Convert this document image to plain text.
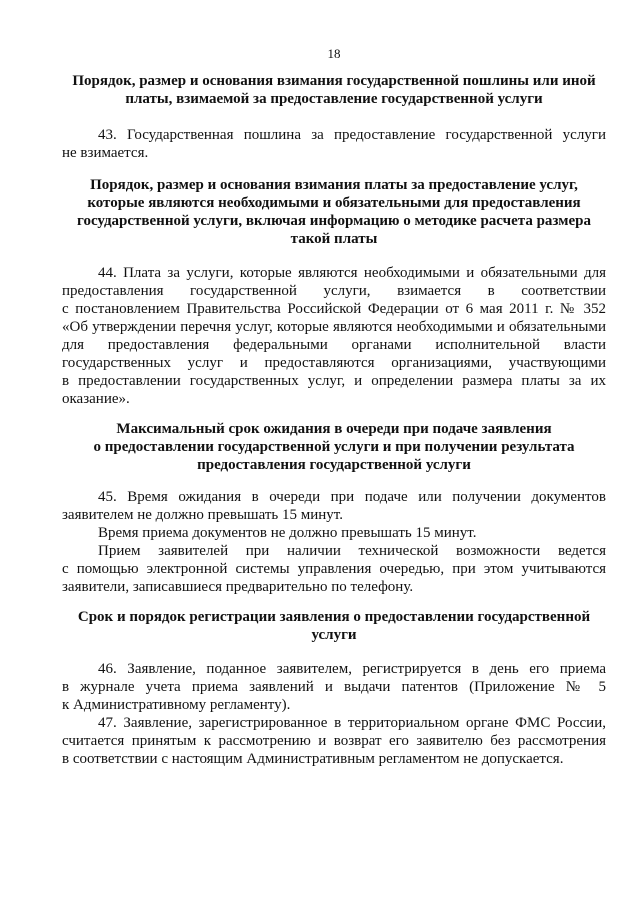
18
Порядок, размер и основания взимания государственной пошлины или иной
платы, взимаемой за предоставление государственной услуги
43. Государственная пошлина за предоставление государственной услуги
не взимается.
Порядок, размер и основания взимания платы за предоставление услуг,
которые являются необходимыми и обязательными для предоставления
государственной услуги, включая информацию о методике расчета размера
такой платы
44. Плата за услуги, которые являются необходимыми и обязательными для
предоставления государственной услуги, взимается в соответствии
с постановлением Правительства Российской Федерации от 6 мая 2011 г. № 352
«Об утверждении перечня услуг, которые являются необходимыми и обязательными
для предоставления федеральными органами исполнительной власти
государственных услуг и предоставляются организациями, участвующими
в предоставлении государственных услуг, и определении размера платы за их
оказание».
Максимальный срок ожидания в очереди при подаче заявления
о предоставлении государственной услуги и при получении результата
предоставления государственной услуги
45. Время ожидания в очереди при подаче или получении документов
заявителем не должно превышать 15 минут.
Время приема документов не должно превышать 15 минут.
Прием заявителей при наличии технической возможности ведется
с помощью электронной системы управления очередью, при этом учитываются
заявители, записавшиеся предварительно по телефону.
Срок и порядок регистрации заявления о предоставлении государственной
услуги
46. Заявление, поданное заявителем, регистрируется в день его приема
в журнале учета приема заявлений и выдачи патентов (Приложение № 5
к Административному регламенту).
47. Заявление, зарегистрированное в территориальном органе ФМС России,
считается принятым к рассмотрению и возврат его заявителю без рассмотрения
в соответствии с настоящим Административным регламентом не допускается.
